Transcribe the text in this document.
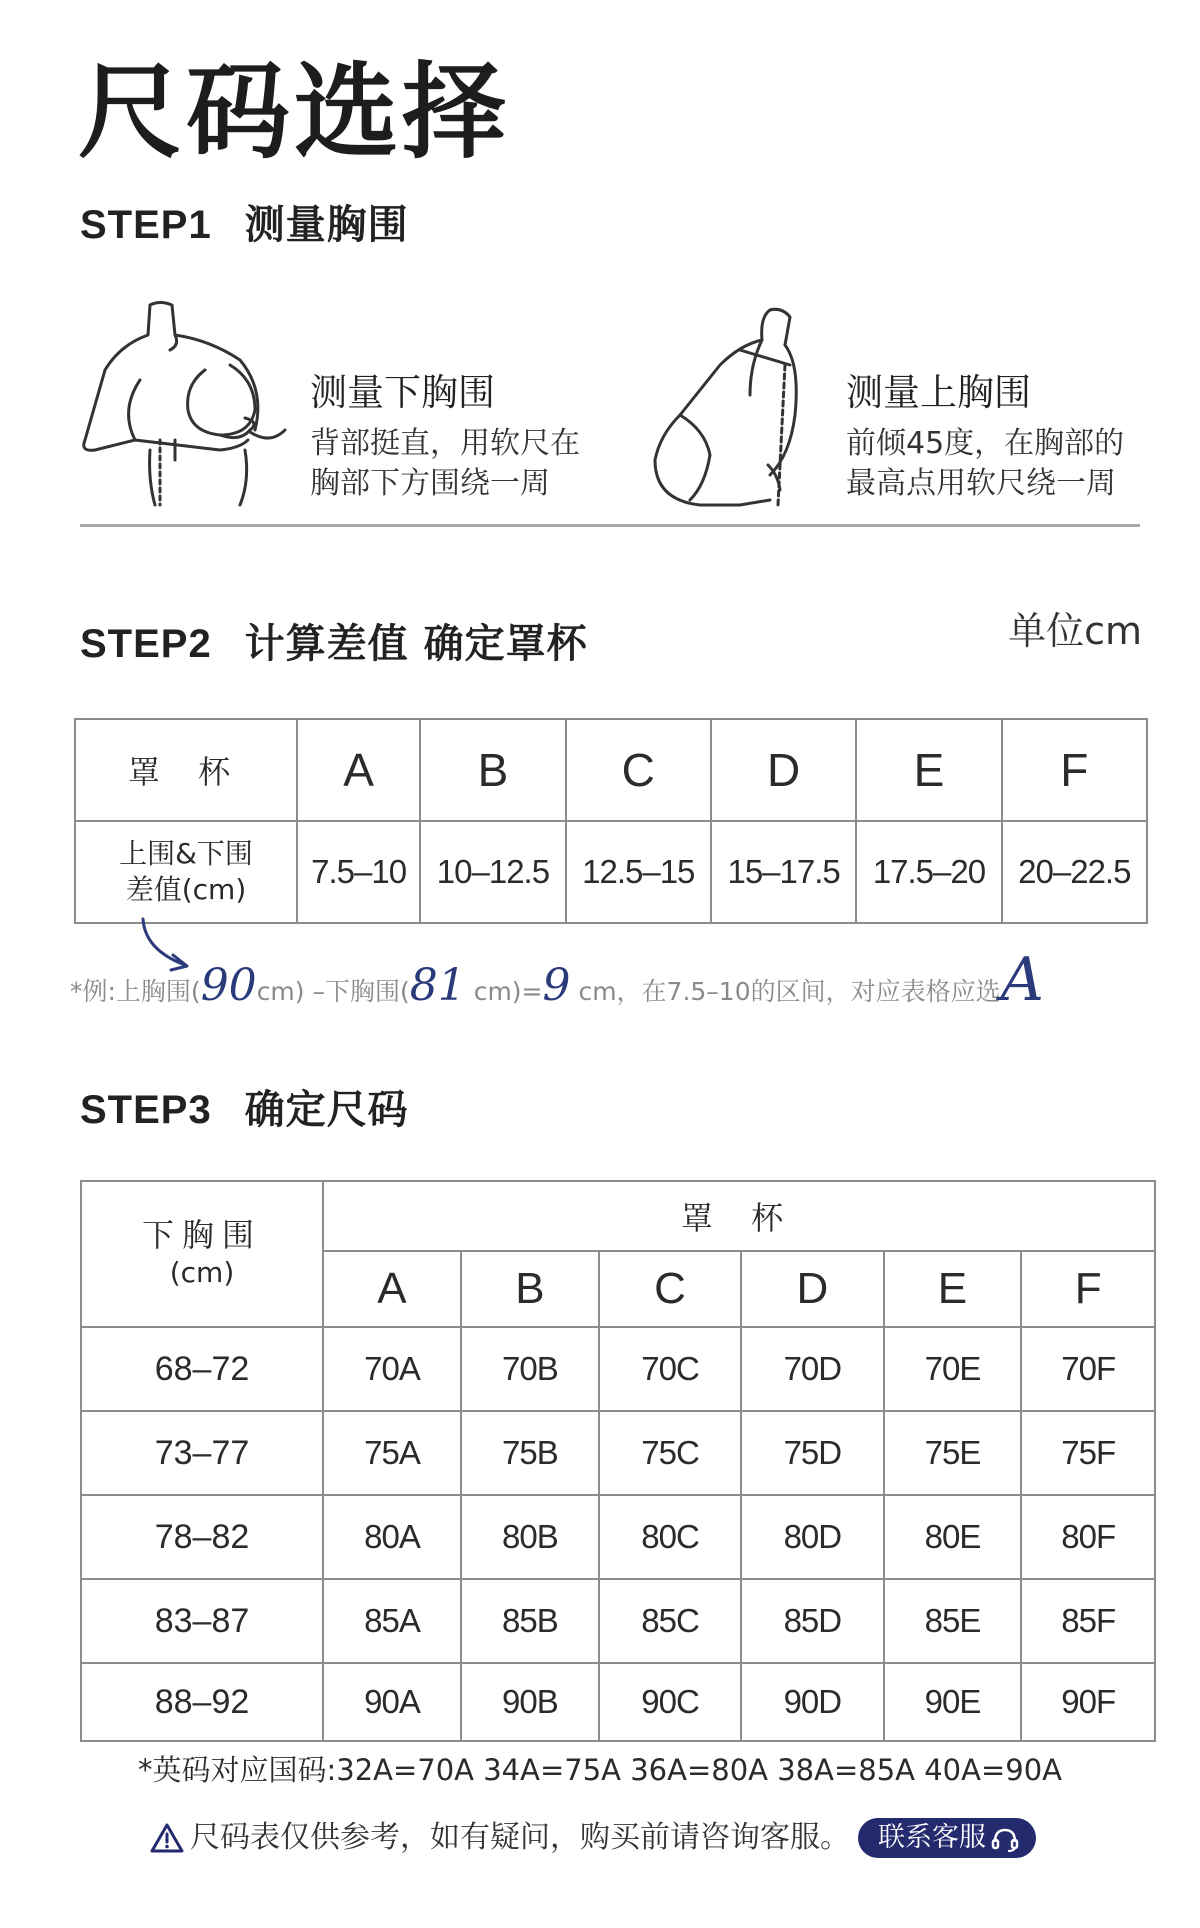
尺码选择
STEP1 测量胸围
测量下胸围
背部挺直，用软尺在
胸部下方围绕一周
测量上胸围
前倾45度，在胸部的
最高点用软尺绕一周
STEP2 计算差值 确定罩杯	单位cm
罩 杯	A	B	C	D	E	F

上围&下围
差值(cm)	7.5–10	10–12.5	12.5–15	15–17.5	17.5–20	20–22.5
*例:上胸围(90cm) –下胸围(81 cm)=9 cm，在7.5–10的区间，对应表格应选A
STEP3 确定尺码
下胸围
(cm)	罩 杯					
	A	B	C	D	E	F
68–72	70A	70B	70C	70D	70E	70F
73–77	75A	75B	75C	75D	75E	75F
78–82	80A	80B	80C	80D	80E	80F
83–87	85A	85B	85C	85D	85E	85F
88–92	90A	90B	90C	90D	90E	90F
*英码对应国码:32A=70A 34A=75A 36A=80A 38A=85A 40A=90A
尺码表仅供参考，如有疑问，购买前请咨询客服。 联系客服
